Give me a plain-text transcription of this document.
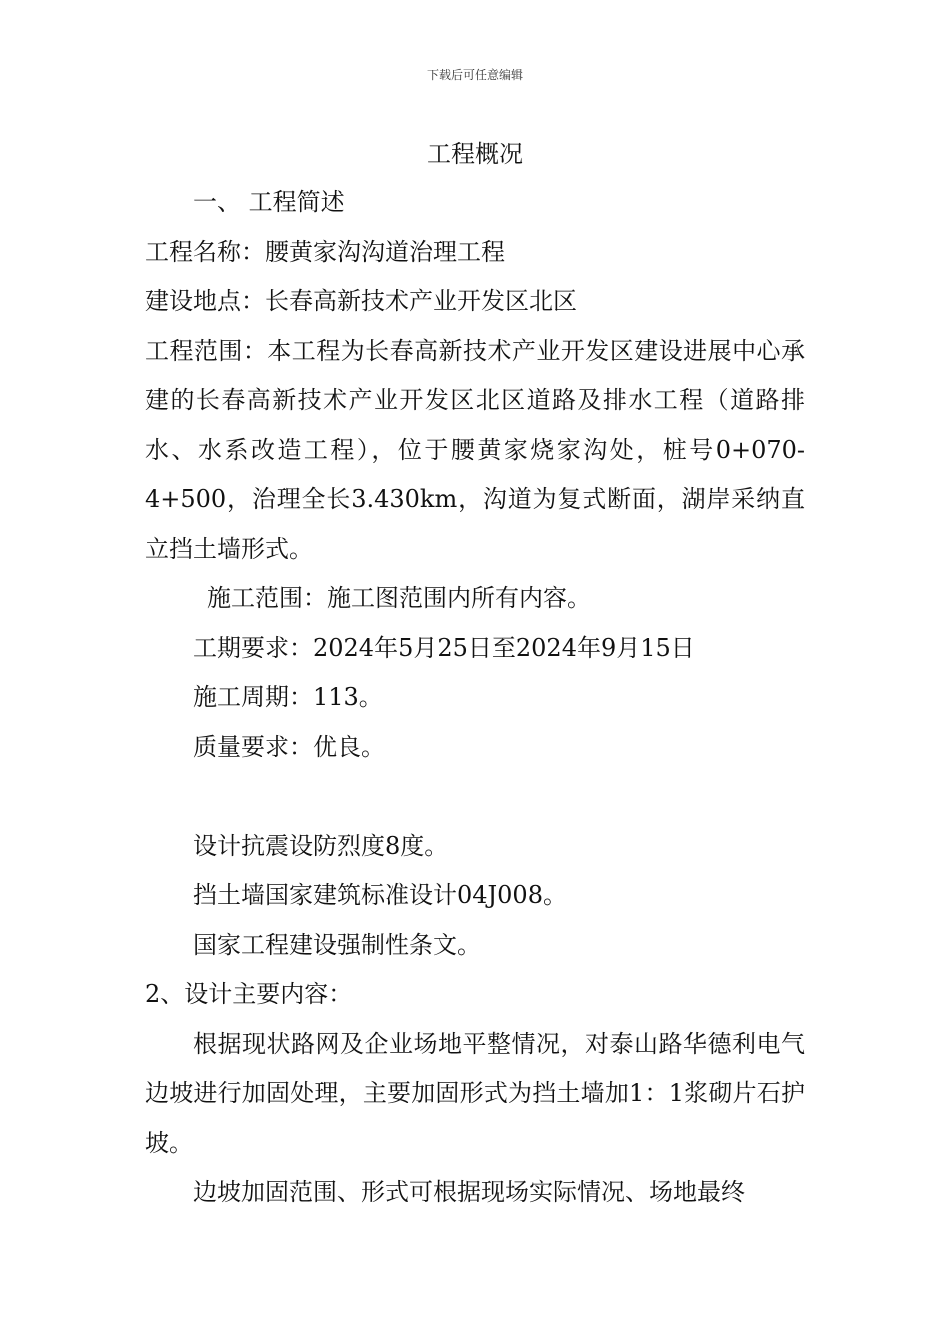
下载后可任意编辑
工程概况

一、 工程简述

工程名称：腰黄家沟沟道治理工程

建设地点：长春高新技术产业开发区北区

工程范围：本工程为长春高新技术产业开发区建设进展中心承建的长春高新技术产业开发区北区道路及排水工程（道路排水、水系改造工程），位于腰黄家烧家沟处，桩号0+070-4+500，治理全长3.430km，沟道为复式断面，湖岸采纳直立挡土墙形式。

施工范围：施工图范围内所有内容。

工期要求：2024年5月25日至2024年9月15日

施工周期：113。

质量要求：优良。

设计抗震设防烈度8度。

挡土墙国家建筑标准设计04J008。

国家工程建设强制性条文。

2、设计主要内容：

根据现状路网及企业场地平整情况，对泰山路华德利电气边坡进行加固处理，主要加固形式为挡土墙加1：1浆砌片石护坡。

边坡加固范围、形式可根据现场实际情况、场地最终
